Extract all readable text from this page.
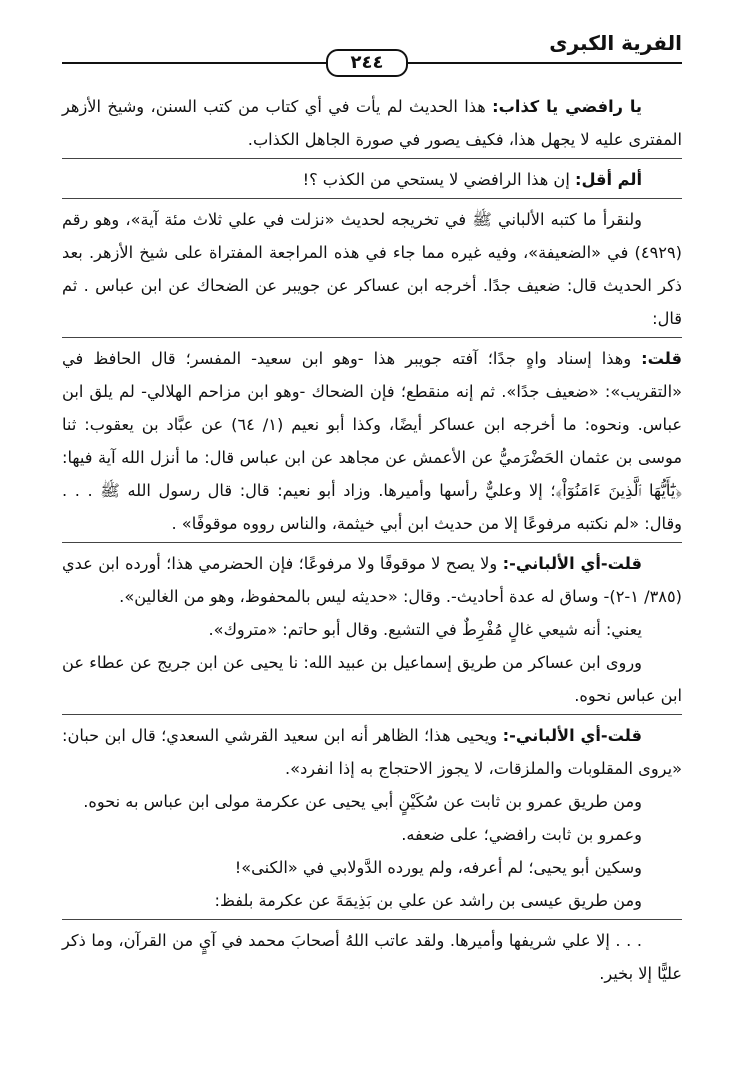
الفرية الكبرى
٢٤٤

يا رافضي يا كذاب: هذا الحديث لم يأت في أي كتاب من كتب السنن، وشيخ الأزهر المفترى عليه لا يجهل هذا، فكيف يصور في صورة الجاهل الكذاب.

ألم أقل: إن هذا الرافضي لا يستحي من الكذب ؟!

ولنقرأ ما كتبه الألباني ﷺ في تخريجه لحديث «نزلت في علي ثلاث مئة آية»، وهو رقم (٤٩٢٩) في «الضعيفة»، وفيه غيره مما جاء في هذه المراجعة المفتراة على شيخ الأزهر. بعد ذكر الحديث قال: ضعيف جدًا. أخرجه ابن عساكر عن جويبر عن الضحاك عن ابن عباس . ثم قال:

قلت: وهذا إسناد واهٍ جدًا؛ آفته جويبر هذا -وهو ابن سعيد- المفسر؛ قال الحافظ في «التقريب»: «ضعيف جدًا». ثم إنه منقطع؛ فإن الضحاك -وهو ابن مزاحم الهلالي- لم يلق ابن عباس. ونحوه: ما أخرجه ابن عساكر أيضًا، وكذا أبو نعيم (١/ ٦٤) عن عبَّاد بن يعقوب: ثنا موسى بن عثمان الحَضْرَميُّ عن الأعمش عن مجاهد عن ابن عباس قال: ما أنزل الله آية فيها: ﴿يَٰٓأَيُّهَا ٱلَّذِينَ ءَامَنُوٓاْ﴾؛ إلا وعليٌّ رأسها وأميرها. وزاد أبو نعيم: قال: قال رسول الله ﷺ . . . وقال: «لم نكتبه مرفوعًا إلا من حديث ابن أبي خيثمة، والناس رووه موقوفًا» .

قلت-أي الألباني-: ولا يصح لا موقوفًا ولا مرفوعًا؛ فإن الحضرمي هذا؛ أورده ابن عدي (٣٨٥/ ١-٢)- وساق له عدة أحاديث-. وقال: «حديثه ليس بالمحفوظ، وهو من الغالين».

يعني: أنه شيعي غالٍ مُفْرِطٌ في التشيع. وقال أبو حاتم: «متروك».

وروى ابن عساكر من طريق إسماعيل بن عبيد الله: نا يحيى عن ابن جريج عن عطاء عن ابن عباس نحوه.

قلت-أي الألباني-: ويحيى هذا؛ الظاهر أنه ابن سعيد القرشي السعدي؛ قال ابن حبان: «يروى المقلوبات والملزقات، لا يجوز الاحتجاج به إذا انفرد».

ومن طريق عمرو بن ثابت عن سُكَيْنٍ أبي يحيى عن عكرمة مولى ابن عباس به نحوه.

وعمرو بن ثابت رافضي؛ على ضعفه.

وسكين أبو يحيى؛ لم أعرفه، ولم يورده الدَّولابي في «الكنى»!

ومن طريق عيسى بن راشد عن علي بن بَذِيمَةَ عن عكرمة بلفظ:

. . . إلا علي شريفها وأميرها. ولقد عاتب اللهُ أصحابَ محمد في آيٍ من القرآن، وما ذكر عليًّا إلا بخير.
